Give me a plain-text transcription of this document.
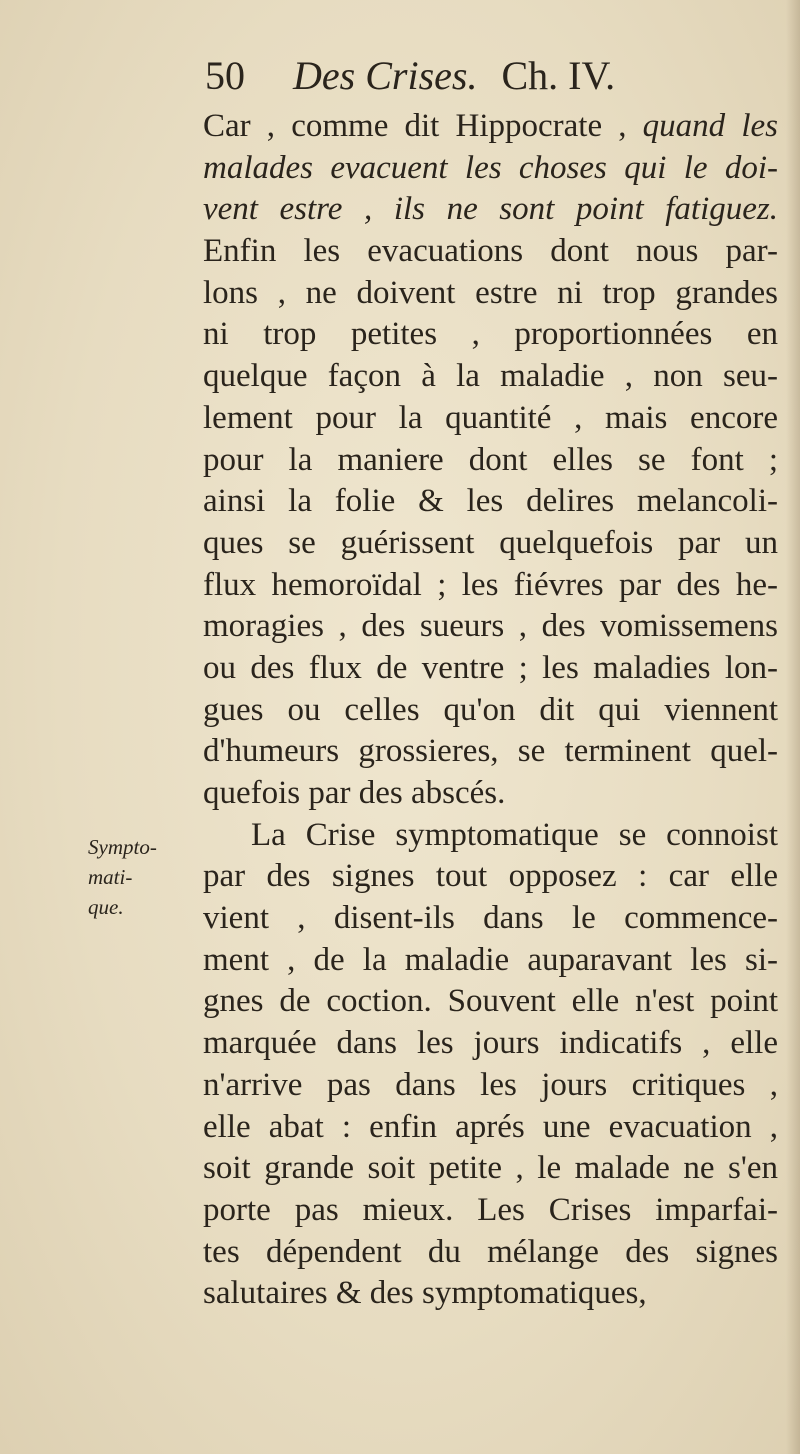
50 Des Crises. Ch. IV.
Sympto-
mati-
que.
Car , comme dit Hippocrate , quand les
malades evacuent les choses qui le doi-
vent estre , ils ne sont point fatiguez.
Enfin les evacuations dont nous par-
lons , ne doivent estre ni trop grandes
ni trop petites , proportionnées en
quelque façon à la maladie , non seu-
lement pour la quantité , mais encore
pour la maniere dont elles se font ;
ainsi la folie & les delires melancoli-
ques se guérissent quelquefois par un
flux hemoroïdal ; les fiévres par des he-
moragies , des sueurs , des vomissemens
ou des flux de ventre ; les maladies lon-
gues ou celles qu'on dit qui viennent
d'humeurs grossieres, se terminent quel-
quefois par des abscés.
La Crise symptomatique se connoist
par des signes tout opposez : car elle
vient , disent-ils dans le commence-
ment , de la maladie auparavant les si-
gnes de coction. Souvent elle n'est point
marquée dans les jours indicatifs , elle
n'arrive pas dans les jours critiques ,
elle abat : enfin aprés une evacuation ,
soit grande soit petite , le malade ne s'en
porte pas mieux. Les Crises imparfai-
tes dépendent du mélange des signes
salutaires & des symptomatiques,
